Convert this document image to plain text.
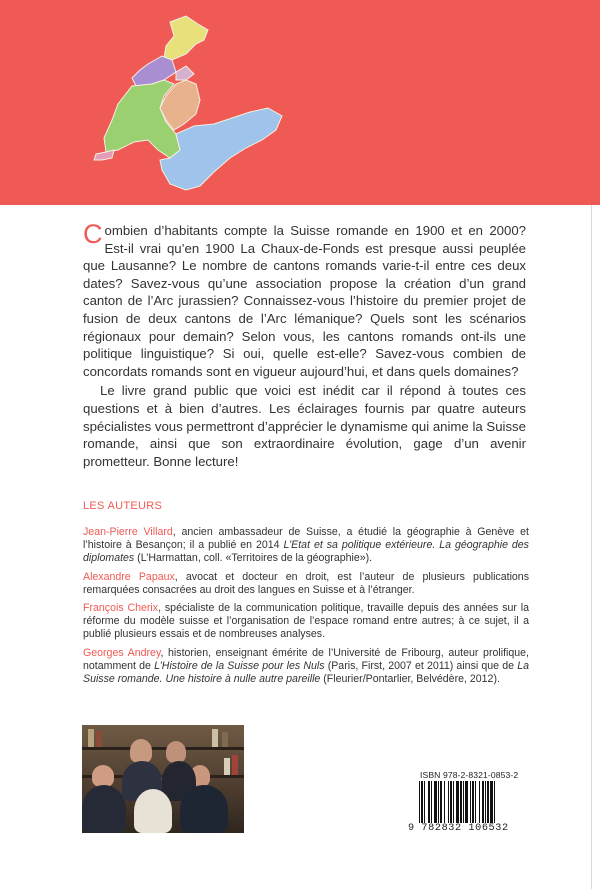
Combien d’habitants compte la Suisse romande en 1900 et en 2000? Est-il vrai qu’en 1900 La Chaux-de-Fonds est presque aussi peuplée que Lausanne? Le nombre de cantons romands varie-t-il entre ces deux dates? Savez-vous qu’une association propose la création d’un grand canton de l’Arc jurassien? Connaissez-vous l’histoire du premier projet de fusion de deux cantons de l’Arc lémanique? Quels sont les scénarios régionaux pour demain? Selon vous, les cantons romands ont-ils une politique linguistique? Si oui, quelle est-elle? Savez-vous combien de concordats romands sont en vigueur aujourd’hui, et dans quels domaines?

Le livre grand public que voici est inédit car il répond à toutes ces questions et à bien d’autres. Les éclairages fournis par quatre auteurs spécialistes vous permettront d’apprécier le dynamisme qui anime la Suisse romande, ainsi que son extraordinaire évolution, gage d’un avenir prometteur. Bonne lecture!

LES AUTEURS

Jean-Pierre Villard, ancien ambassadeur de Suisse, a étudié la géographie à Genève et l’histoire à Besançon; il a publié en 2014 L’Etat et sa politique extérieure. La géographie des diplomates (L’Harmattan, coll. «Territoires de la géographie»).

Alexandre Papaux, avocat et docteur en droit, est l’auteur de plusieurs publications remarquées consacrées au droit des langues en Suisse et à l’étranger.

François Cherix, spécialiste de la communication politique, travaille depuis des années sur la réforme du modèle suisse et l’organisation de l’espace romand entre autres; à ce sujet, il a publié plusieurs essais et de nombreuses analyses.

Georges Andrey, historien, enseignant émérite de l’Université de Fribourg, auteur prolifique, notamment de L’Histoire de la Suisse pour les Nuls (Paris, First, 2007 et 2011) ainsi que de La Suisse romande. Une histoire à nulle autre pareille (Fleurier/Pontarlier, Belvédère, 2012).

ISBN 978-2-8321-0853-2
9 782832 106532
